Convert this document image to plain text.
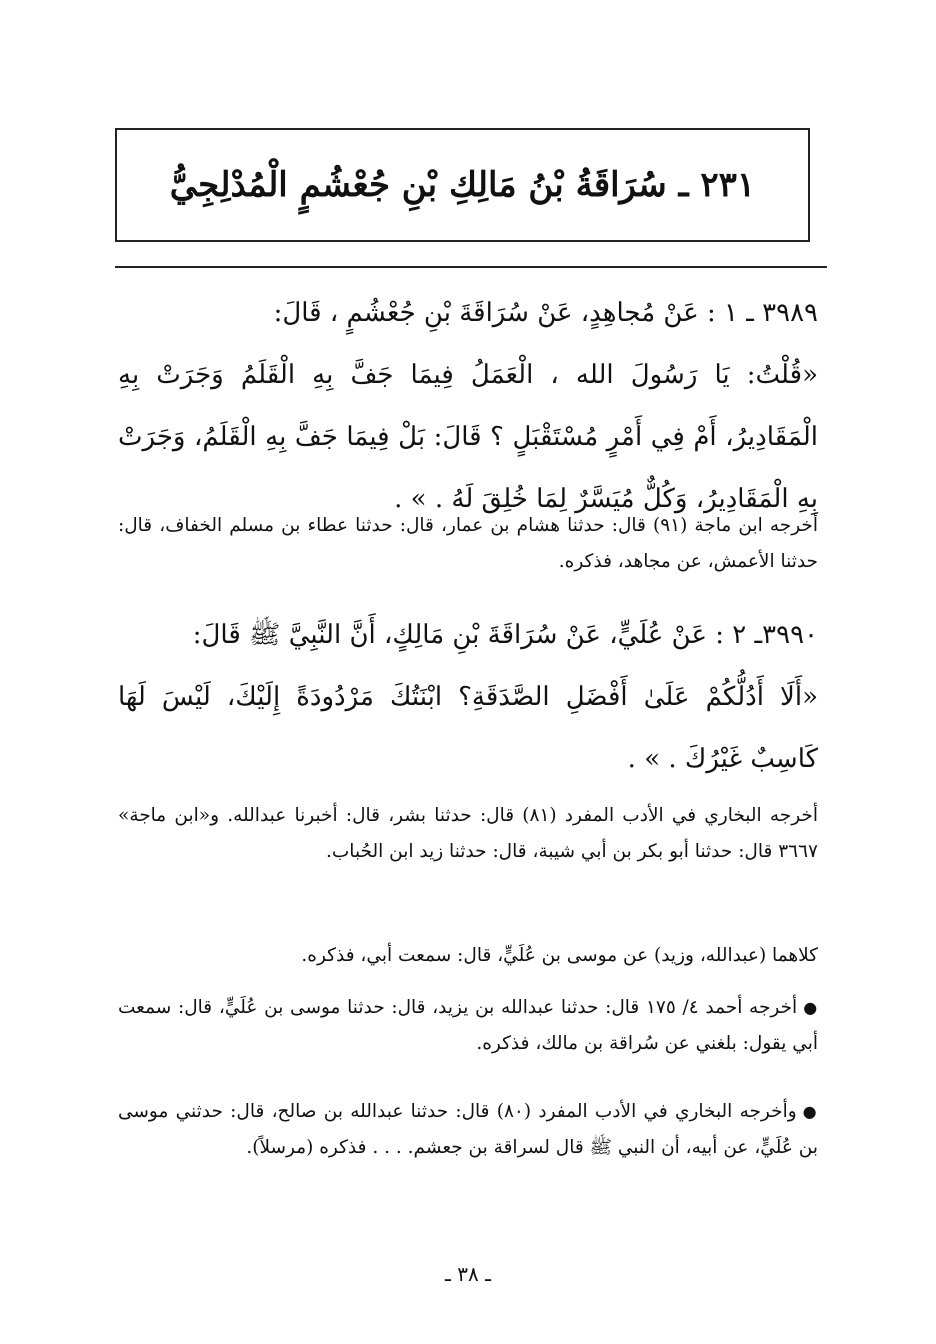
٢٣١ ـ سُرَاقَةُ بْنُ مَالِكِ بْنِ جُعْشُمٍ الْمُدْلِجِيُّ

٣٩٨٩ ـ ١ : عَنْ مُجاهِدٍ، عَنْ سُرَاقَةَ بْنِ جُعْشُمٍ ، قَالَ:

«قُلْتُ: يَا رَسُولَ الله ، الْعَمَلُ فِيمَا جَفَّ بِهِ الْقَلَمُ وَجَرَتْ بِهِ الْمَقَادِيرُ، أَمْ فِي أَمْرٍ مُسْتَقْبَلٍ ؟ قَالَ: بَلْ فِيمَا جَفَّ بِهِ الْقَلَمُ، وَجَرَتْ بِهِ الْمَقَادِيرُ، وَكُلٌّ مُيَسَّرٌ لِمَا خُلِقَ لَهُ . » .

أخرجه ابن ماجة (٩١) قال: حدثنا هشام بن عمار، قال: حدثنا عطاء بن مسلم الخفاف، قال: حدثنا الأعمش، عن مجاهد، فذكره.

٣٩٩٠ـ ٢ : عَنْ عُلَيٍّ، عَنْ سُرَاقَةَ بْنِ مَالِكٍ، أَنَّ النَّبِيَّ ﷺ قَالَ:

«أَلَا أَدُلُّكُمْ عَلَىٰ أَفْضَلِ الصَّدَقَةِ؟ ابْنَتُكَ مَرْدُودَةً إِلَيْكَ، لَيْسَ لَهَا كَاسِبٌ غَيْرُكَ . » .

أخرجه البخاري في الأدب المفرد (٨١) قال: حدثنا بشر، قال: أخبرنا عبدالله. و«ابن ماجة» ٣٦٦٧ قال: حدثنا أبو بكر بن أبي شيبة، قال: حدثنا زيد ابن الحُباب.

كلاهما (عبدالله، وزيد) عن موسى بن عُلَيٍّ، قال: سمعت أبي، فذكره.

●أخرجه أحمد ٤/ ١٧٥ قال: حدثنا عبدالله بن يزيد، قال: حدثنا موسى بن عُلَيٍّ، قال: سمعت أبي يقول: بلغني عن سُراقة بن مالك، فذكره.

●وأخرجه البخاري في الأدب المفرد (٨٠) قال: حدثنا عبدالله بن صالح، قال: حدثني موسى بن عُلَيٍّ، عن أبيه، أن النبي ﷺ قال لسراقة بن جعشم. . . . فذكره (مرسلاً).

ـ ٣٨ ـ
